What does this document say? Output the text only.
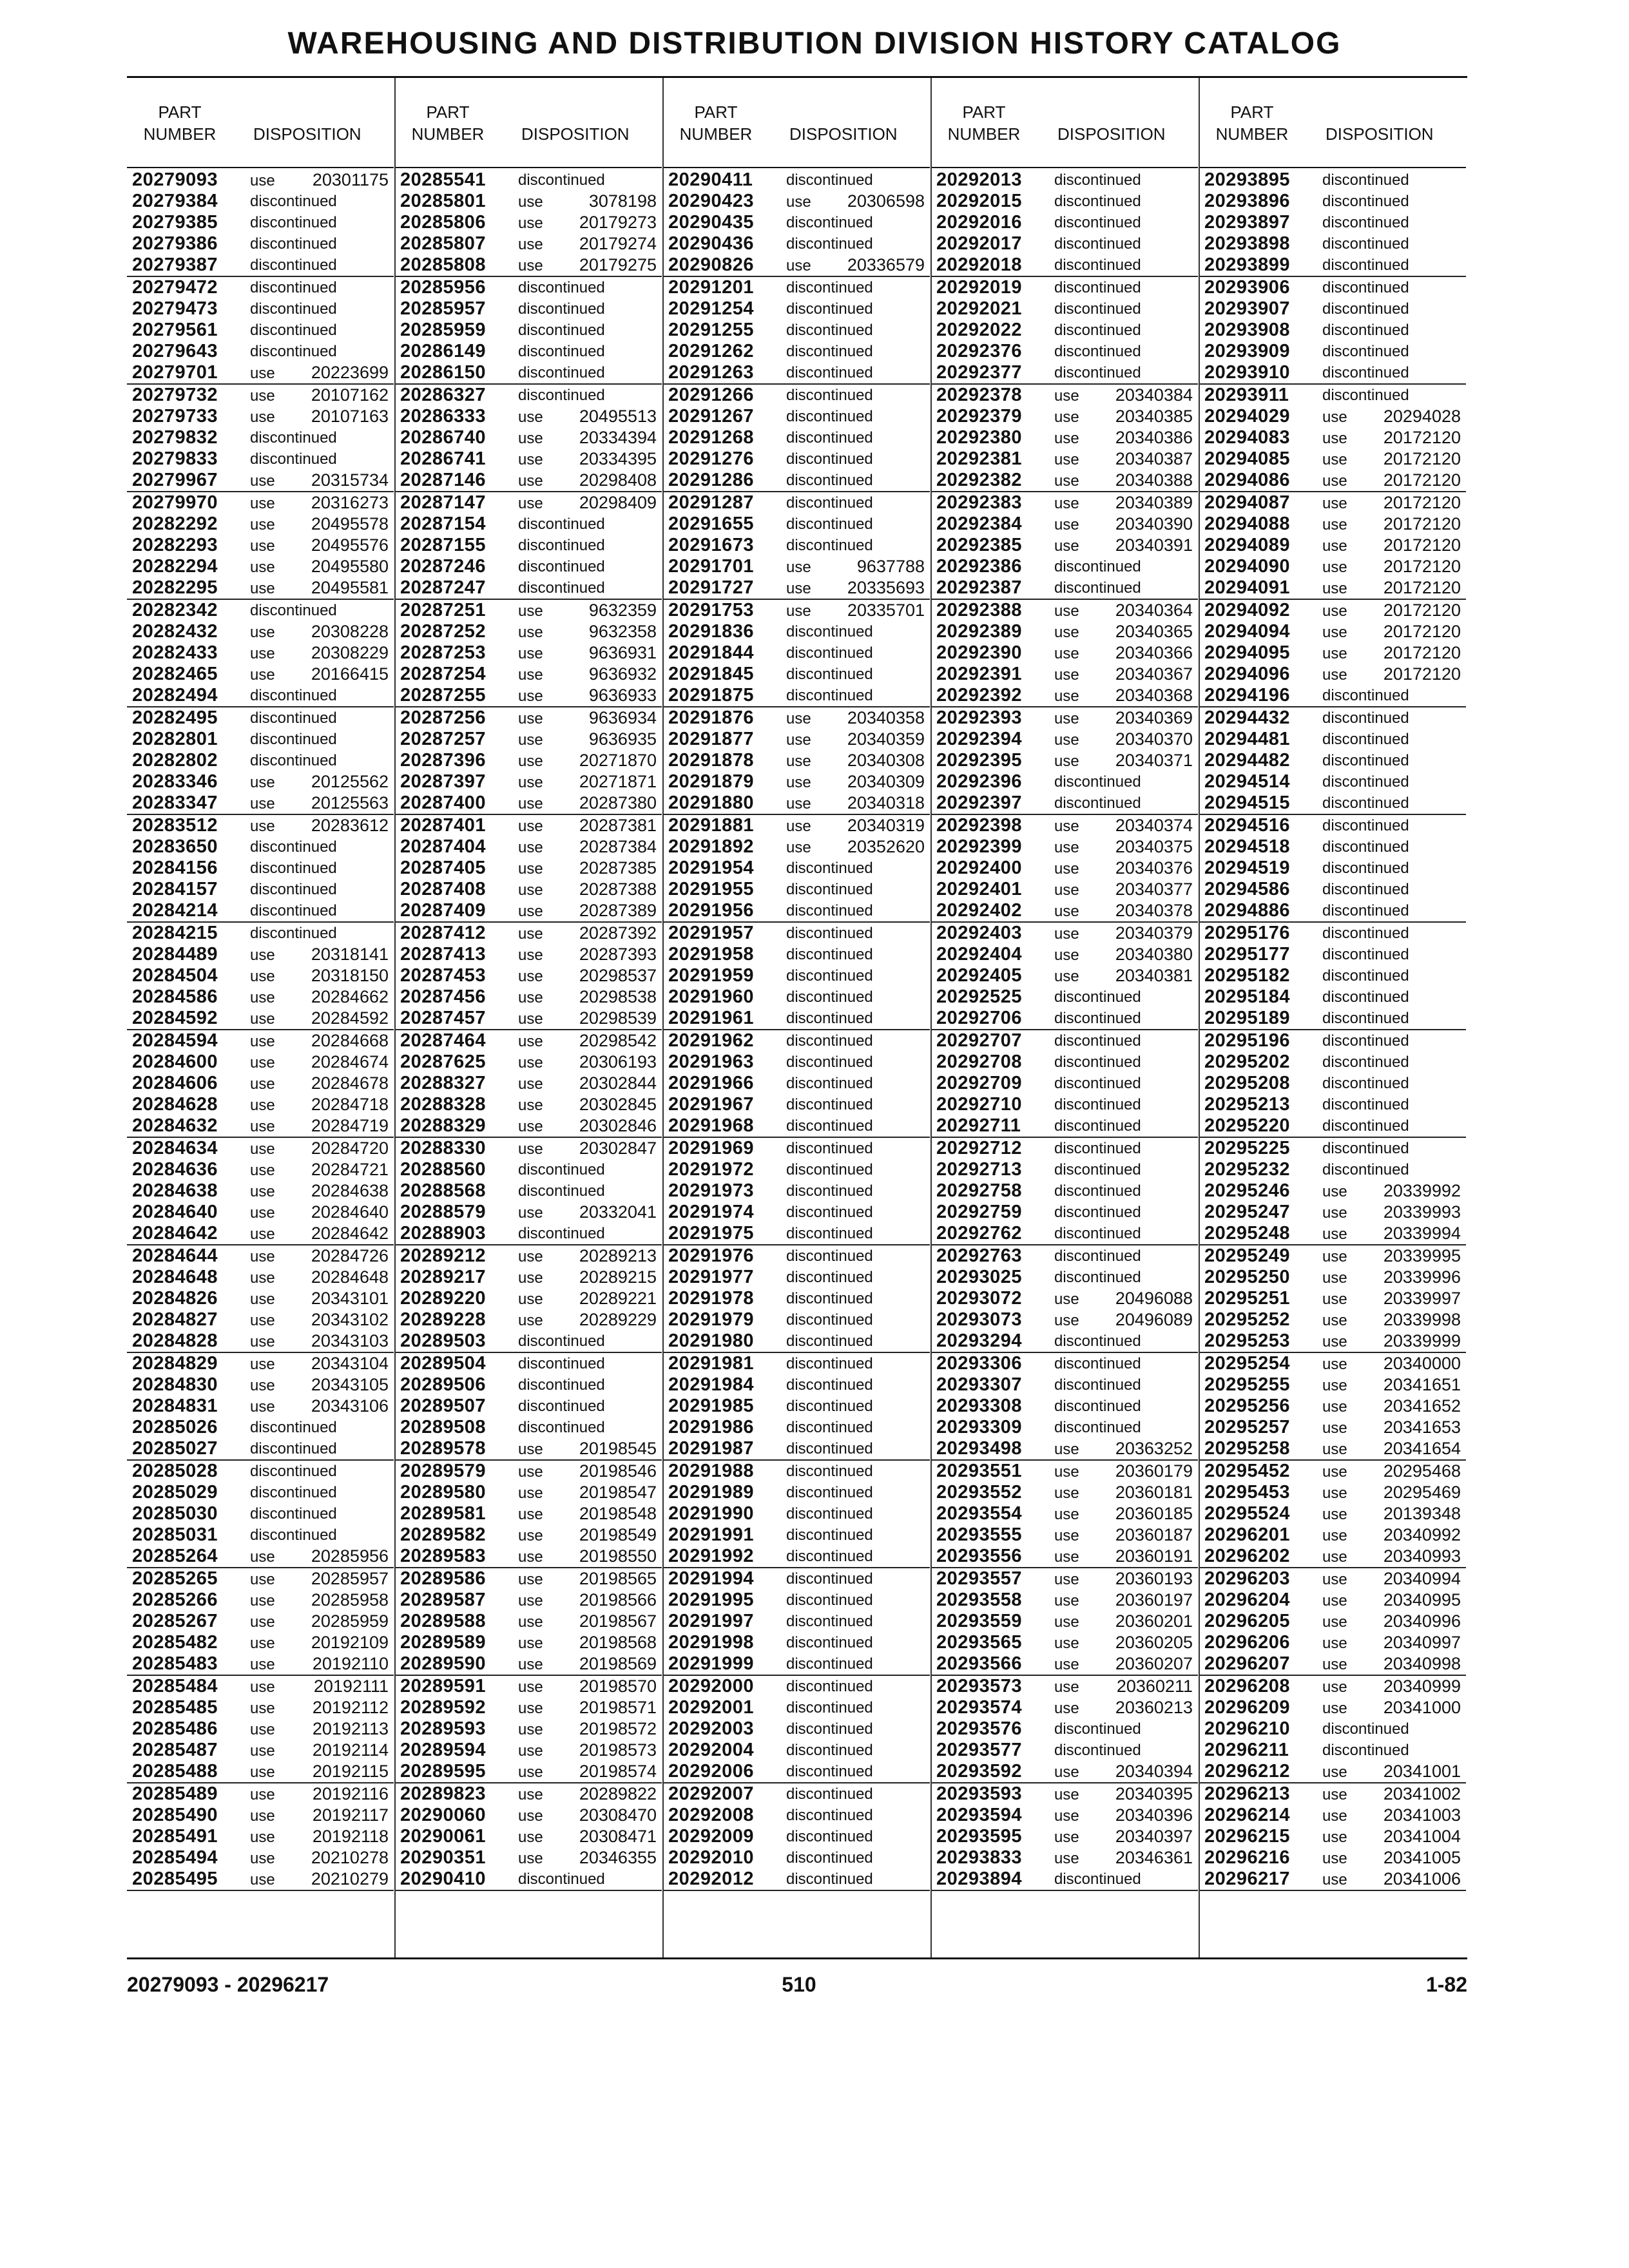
WAREHOUSING AND DISTRIBUTION DIVISION HISTORY CATALOG
PART
NUMBER DISPOSITION
20279093 use20301175
20279384 discontinued
20279385 discontinued
20279386 discontinued
20279387 discontinued
20279472 discontinued
20279473 discontinued
20279561 discontinued
20279643 discontinued
20279701 use20223699
20279732 use20107162
20279733 use20107163
20279832 discontinued
20279833 discontinued
20279967 use20315734
20279970 use20316273
20282292 use20495578
20282293 use20495576
20282294 use20495580
20282295 use20495581
20282342 discontinued
20282432 use20308228
20282433 use20308229
20282465 use20166415
20282494 discontinued
20282495 discontinued
20282801 discontinued
20282802 discontinued
20283346 use20125562
20283347 use20125563
20283512 use20283612
20283650 discontinued
20284156 discontinued
20284157 discontinued
20284214 discontinued
20284215 discontinued
20284489 use20318141
20284504 use20318150
20284586 use20284662
20284592 use20284592
20284594 use20284668
20284600 use20284674
20284606 use20284678
20284628 use20284718
20284632 use20284719
20284634 use20284720
20284636 use20284721
20284638 use20284638
20284640 use20284640
20284642 use20284642
20284644 use20284726
20284648 use20284648
20284826 use20343101
20284827 use20343102
20284828 use20343103
20284829 use20343104
20284830 use20343105
20284831 use20343106
20285026 discontinued
20285027 discontinued
20285028 discontinued
20285029 discontinued
20285030 discontinued
20285031 discontinued
20285264 use20285956
20285265 use20285957
20285266 use20285958
20285267 use20285959
20285482 use20192109
20285483 use20192110
20285484 use20192111
20285485 use20192112
20285486 use20192113
20285487 use20192114
20285488 use20192115
20285489 use20192116
20285490 use20192117
20285491 use20192118
20285494 use20210278
20285495 use20210279
PART
NUMBER DISPOSITION
20285541 discontinued
20285801 use	3078198
20285806 use20179273
20285807 use20179274
20285808 use20179275
20285956 discontinued
20285957 discontinued
20285959 discontinued
20286149 discontinued
20286150 discontinued
20286327 discontinued
20286333 use20495513
20286740 use20334394
20286741 use20334395
20287146 use20298408
20287147 use20298409
20287154 discontinued
20287155 discontinued
20287246 discontinued
20287247 discontinued
20287251 use	9632359
20287252 use	9632358
20287253 use	9636931
20287254 use	9636932
20287255 use	9636933
20287256 use	9636934
20287257 use	9636935
20287396 use20271870
20287397 use20271871
20287400 use20287380
20287401 use20287381
20287404 use20287384
20287405 use20287385
20287408 use20287388
20287409 use20287389
20287412 use20287392
20287413 use20287393
20287453 use20298537
20287456 use20298538
20287457 use20298539
20287464 use20298542
20287625 use20306193
20288327 use20302844
20288328 use20302845
20288329 use20302846
20288330 use20302847
20288560 discontinued
20288568 discontinued
20288579 use20332041
20288903 discontinued
20289212 use20289213
20289217 use20289215
20289220 use20289221
20289228 use20289229
20289503 discontinued
20289504 discontinued
20289506 discontinued
20289507 discontinued
20289508 discontinued
20289578 use20198545
20289579 use20198546
20289580 use20198547
20289581 use20198548
20289582 use20198549
20289583 use20198550
20289586 use20198565
20289587 use20198566
20289588 use20198567
20289589 use20198568
20289590 use20198569
20289591 use20198570
20289592 use20198571
20289593 use20198572
20289594 use20198573
20289595 use20198574
20289823 use20289822
20290060 use20308470
20290061 use20308471
20290351 use20346355
20290410 discontinued
PART
NUMBER DISPOSITION
20290411 discontinued
20290423 use20306598
20290435 discontinued
20290436 discontinued
20290826 use20336579
20291201 discontinued
20291254 discontinued
20291255 discontinued
20291262 discontinued
20291263 discontinued
20291266 discontinued
20291267 discontinued
20291268 discontinued
20291276 discontinued
20291286 discontinued
20291287 discontinued
20291655 discontinued
20291673 discontinued
20291701 use	9637788
20291727 use20335693
20291753 use20335701
20291836 discontinued
20291844 discontinued
20291845 discontinued
20291875 discontinued
20291876 use20340358
20291877 use20340359
20291878 use20340308
20291879 use20340309
20291880 use20340318
20291881 use20340319
20291892 use20352620
20291954 discontinued
20291955 discontinued
20291956 discontinued
20291957 discontinued
20291958 discontinued
20291959 discontinued
20291960 discontinued
20291961 discontinued
20291962 discontinued
20291963 discontinued
20291966 discontinued
20291967 discontinued
20291968 discontinued
20291969 discontinued
20291972 discontinued
20291973 discontinued
20291974 discontinued
20291975 discontinued
20291976 discontinued
20291977 discontinued
20291978 discontinued
20291979 discontinued
20291980 discontinued
20291981 discontinued
20291984 discontinued
20291985 discontinued
20291986 discontinued
20291987 discontinued
20291988 discontinued
20291989 discontinued
20291990 discontinued
20291991 discontinued
20291992 discontinued
20291994 discontinued
20291995 discontinued
20291997 discontinued
20291998 discontinued
20291999 discontinued
20292000 discontinued
20292001 discontinued
20292003 discontinued
20292004 discontinued
20292006 discontinued
20292007 discontinued
20292008 discontinued
20292009 discontinued
20292010 discontinued
20292012 discontinued
PART
NUMBER DISPOSITION
20292013 discontinued
20292015 discontinued
20292016 discontinued
20292017 discontinued
20292018 discontinued
20292019 discontinued
20292021 discontinued
20292022 discontinued
20292376 discontinued
20292377 discontinued
20292378 use20340384
20292379 use20340385
20292380 use20340386
20292381 use20340387
20292382 use20340388
20292383 use20340389
20292384 use20340390
20292385 use20340391
20292386 discontinued
20292387 discontinued
20292388 use20340364
20292389 use20340365
20292390 use20340366
20292391 use20340367
20292392 use20340368
20292393 use20340369
20292394 use20340370
20292395 use20340371
20292396 discontinued
20292397 discontinued
20292398 use20340374
20292399 use20340375
20292400 use20340376
20292401 use20340377
20292402 use20340378
20292403 use20340379
20292404 use20340380
20292405 use20340381
20292525 discontinued
20292706 discontinued
20292707 discontinued
20292708 discontinued
20292709 discontinued
20292710 discontinued
20292711 discontinued
20292712 discontinued
20292713 discontinued
20292758 discontinued
20292759 discontinued
20292762 discontinued
20292763 discontinued
20293025 discontinued
20293072 use20496088
20293073 use20496089
20293294 discontinued
20293306 discontinued
20293307 discontinued
20293308 discontinued
20293309 discontinued
20293498 use20363252
20293551 use20360179
20293552 use20360181
20293554 use20360185
20293555 use20360187
20293556 use20360191
20293557 use20360193
20293558 use20360197
20293559 use20360201
20293565 use20360205
20293566 use20360207
20293573 use20360211
20293574 use20360213
20293576 discontinued
20293577 discontinued
20293592 use20340394
20293593 use20340395
20293594 use20340396
20293595 use20340397
20293833 use20346361
20293894 discontinued
PART
NUMBER DISPOSITION
20293895 discontinued
20293896 discontinued
20293897 discontinued
20293898 discontinued
20293899 discontinued
20293906 discontinued
20293907 discontinued
20293908 discontinued
20293909 discontinued
20293910 discontinued
20293911 discontinued
20294029 use20294028
20294083 use20172120
20294085 use20172120
20294086 use20172120
20294087 use20172120
20294088 use20172120
20294089 use20172120
20294090 use20172120
20294091 use20172120
20294092 use20172120
20294094 use20172120
20294095 use20172120
20294096 use20172120
20294196 discontinued
20294432 discontinued
20294481 discontinued
20294482 discontinued
20294514 discontinued
20294515 discontinued
20294516 discontinued
20294518 discontinued
20294519 discontinued
20294586 discontinued
20294886 discontinued
20295176 discontinued
20295177 discontinued
20295182 discontinued
20295184 discontinued
20295189 discontinued
20295196 discontinued
20295202 discontinued
20295208 discontinued
20295213 discontinued
20295220 discontinued
20295225 discontinued
20295232 discontinued
20295246 use20339992
20295247 use20339993
20295248 use20339994
20295249 use20339995
20295250 use20339996
20295251 use20339997
20295252 use20339998
20295253 use20339999
20295254 use20340000
20295255 use20341651
20295256 use20341652
20295257 use20341653
20295258 use20341654
20295452 use20295468
20295453 use20295469
20295524 use20139348
20296201 use20340992
20296202 use20340993
20296203 use20340994
20296204 use20340995
20296205 use20340996
20296206 use20340997
20296207 use20340998
20296208 use20340999
20296209 use20341000
20296210 discontinued
20296211 discontinued
20296212 use20341001
20296213 use20341002
20296214 use20341003
20296215 use20341004
20296216 use20341005
20296217 use20341006
20279093 - 20296217	510	1-82
